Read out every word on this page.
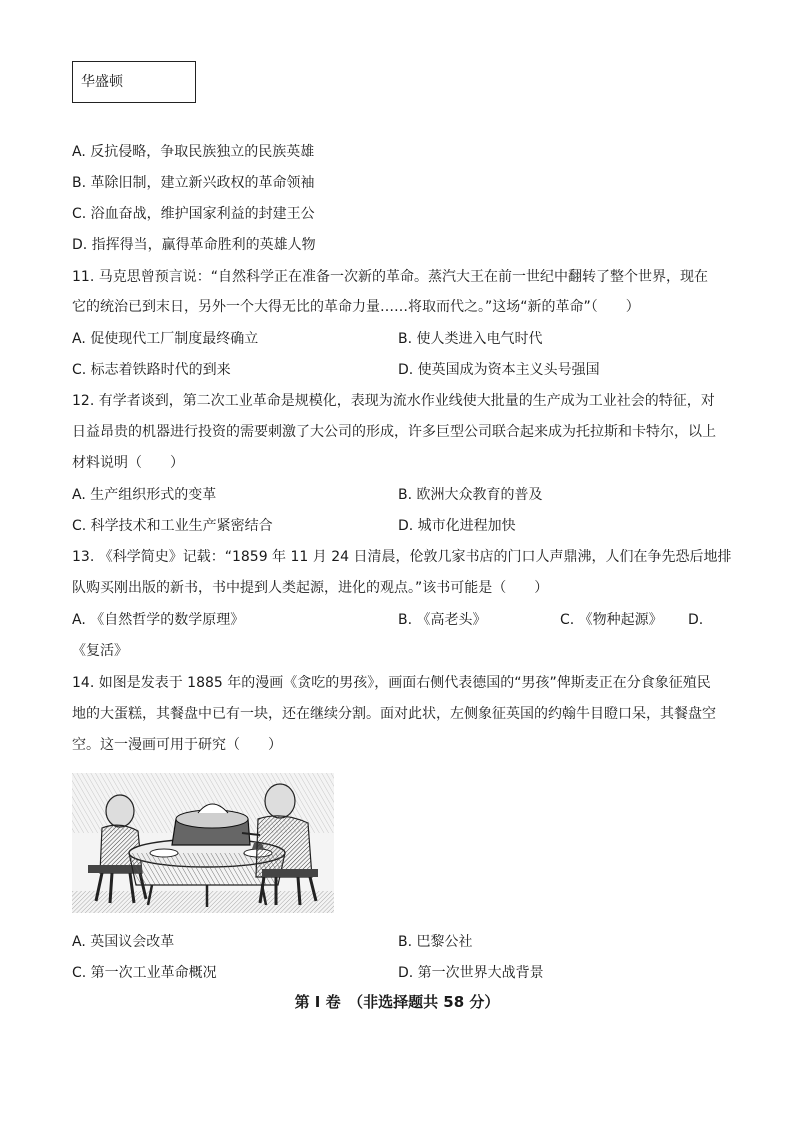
华盛顿
A. 反抗侵略，争取民族独立的民族英雄
B. 革除旧制，建立新兴政权的革命领袖
C. 浴血奋战，维护国家利益的封建王公
D. 指挥得当，赢得革命胜利的英雄人物
11. 马克思曾预言说：“自然科学正在准备一次新的革命。蒸汽大王在前一世纪中翻转了整个世界，现在
它的统治已到末日，另外一个大得无比的革命力量……将取而代之。”这场“新的革命”（　　）
A. 促使现代工厂制度最终确立	B. 使人类进入电气时代
C. 标志着铁路时代的到来	D. 使英国成为资本主义头号强国
12. 有学者谈到，第二次工业革命是规模化，表现为流水作业线使大批量的生产成为工业社会的特征，对
日益昂贵的机器进行投资的需要刺激了大公司的形成，许多巨型公司联合起来成为托拉斯和卡特尔，以上
材料说明（　　）
A. 生产组织形式的变革	B. 欧洲大众教育的普及
C. 科学技术和工业生产紧密结合	D. 城市化进程加快
13. 《科学简史》记载：“1859 年 11 月 24 日清晨，伦敦几家书店的门口人声鼎沸，人们在争先恐后地排
队购买刚出版的新书，书中提到人类起源，进化的观点。”该书可能是（　　）
A. 《自然哲学的数学原理》	B. 《高老头》	C. 《物种起源》 D.
《复活》
14. 如图是发表于 1885 年的漫画《贪吃的男孩》，画面右侧代表德国的“男孩”俾斯麦正在分食象征殖民
地的大蛋糕，其餐盘中已有一块，还在继续分割。面对此状，左侧象征英国的约翰牛目瞪口呆，其餐盘空
空。这一漫画可用于研究（　　）
A. 英国议会改革	B. 巴黎公社
C. 第一次工业革命概况	D. 第一次世界大战背景
第 Ⅰ 卷　（非选择题共 58 分）
